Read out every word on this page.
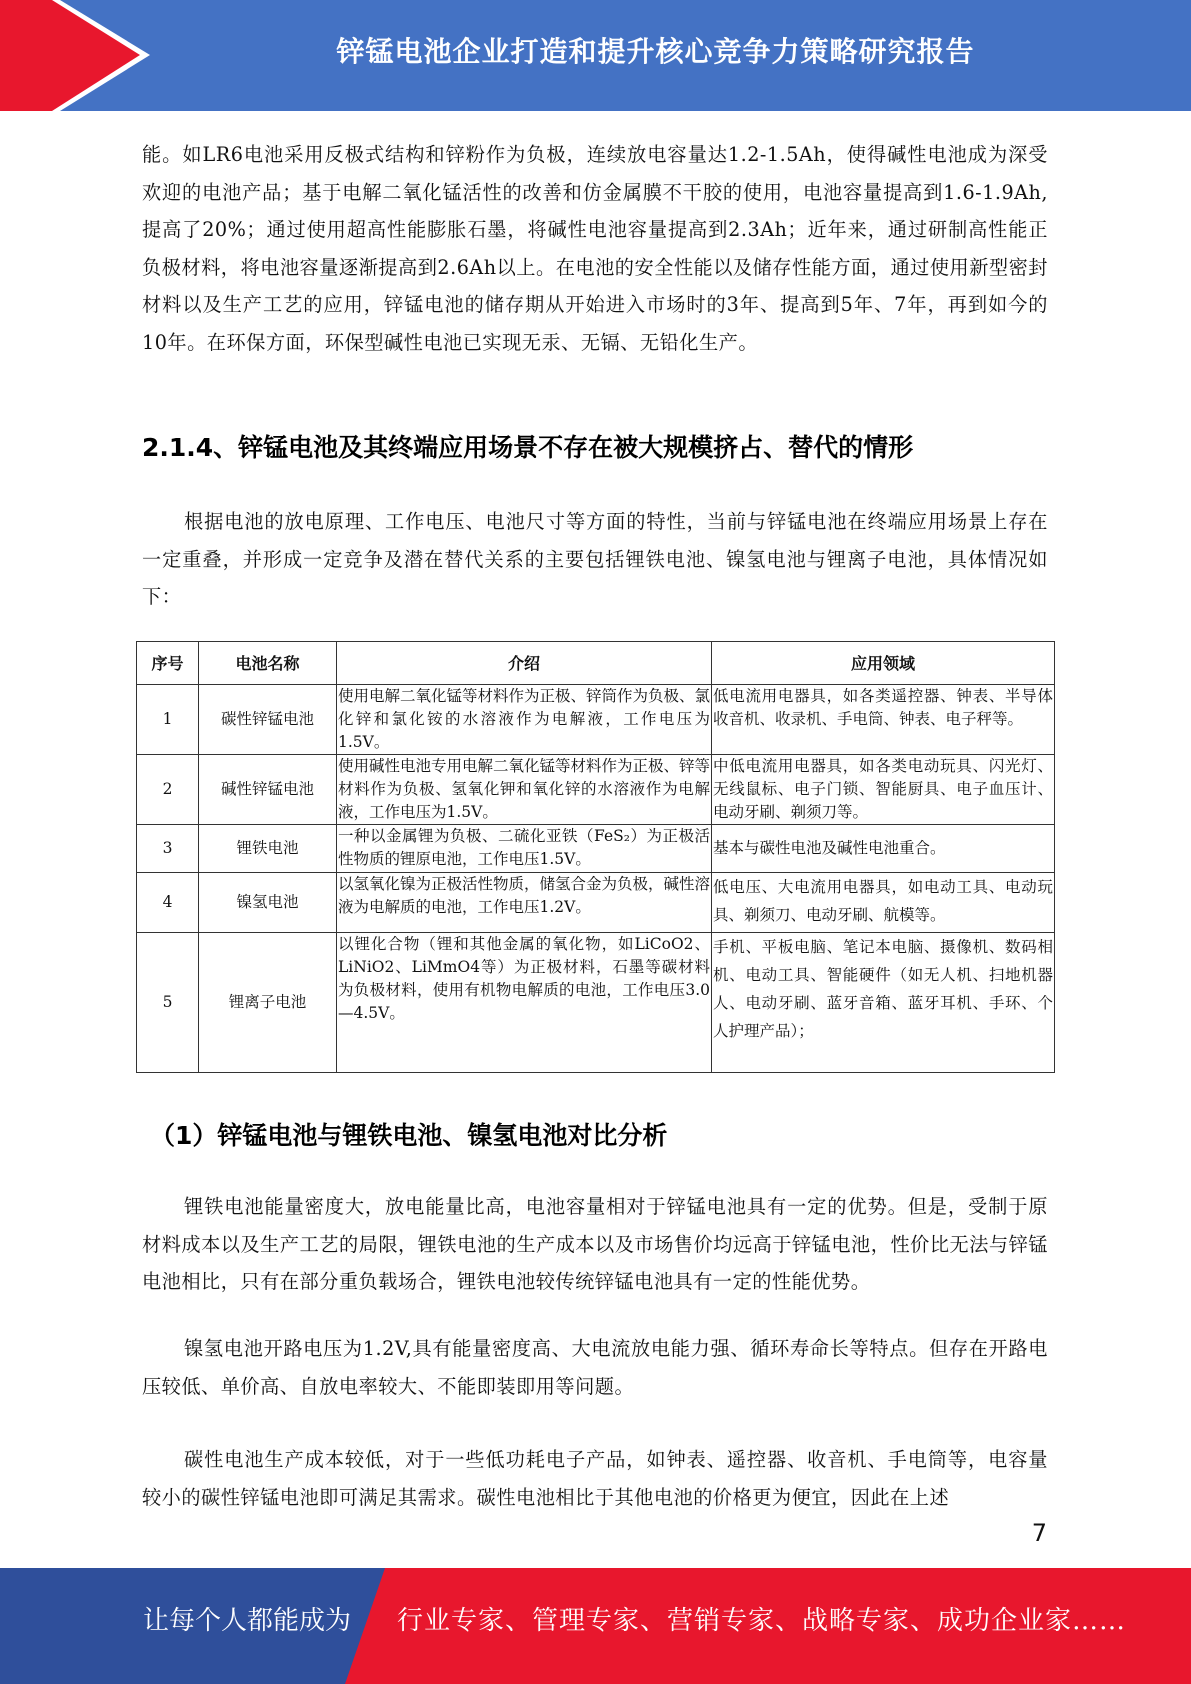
锌锰电池企业打造和提升核心竞争力策略研究报告

能。如LR6电池采用反极式结构和锌粉作为负极，连续放电容量达1.2-1.5Ah，使得碱性电池成为深受欢迎的电池产品；基于电解二氧化锰活性的改善和仿金属膜不干胶的使用，电池容量提高到1.6-1.9Ah,提高了20%；通过使用超高性能膨胀石墨，将碱性电池容量提高到2.3Ah；近年来，通过研制高性能正负极材料，将电池容量逐渐提高到2.6Ah以上。在电池的安全性能以及储存性能方面，通过使用新型密封材料以及生产工艺的应用，锌锰电池的储存期从开始进入市场时的3年、提高到5年、7年，再到如今的10年。在环保方面，环保型碱性电池已实现无汞、无镉、无铅化生产。

2.1.4、锌锰电池及其终端应用场景不存在被大规模挤占、替代的情形

根据电池的放电原理、工作电压、电池尺寸等方面的特性，当前与锌锰电池在终端应用场景上存在一定重叠，并形成一定竞争及潜在替代关系的主要包括锂铁电池、镍氢电池与锂离子电池，具体情况如下：

序号	电池名称	介绍	应用领域
1	碳性锌锰电池	使用电解二氧化锰等材料作为正极、锌筒作为负极、氯化锌和氯化铵的水溶液作为电解液，工作电压为1.5V。	低电流用电器具，如各类遥控器、钟表、半导体收音机、收录机、手电筒、钟表、电子秤等。
2	碱性锌锰电池	使用碱性电池专用电解二氧化锰等材料作为正极、锌等材料作为负极、氢氧化钾和氧化锌的水溶液作为电解液，工作电压为1.5V。	中低电流用电器具，如各类电动玩具、闪光灯、无线鼠标、电子门锁、智能厨具、电子血压计、电动牙刷、剃须刀等。
3	锂铁电池	一种以金属锂为负极、二硫化亚铁（FeS₂）为正极活性物质的锂原电池，工作电压1.5V。	基本与碳性电池及碱性电池重合。
4	镍氢电池	以氢氧化镍为正极活性物质，储氢合金为负极，碱性溶液为电解质的电池，工作电压1.2V。	低电压、大电流用电器具，如电动工具、电动玩具、剃须刀、电动牙刷、航模等。
5	锂离子电池	以锂化合物（锂和其他金属的氧化物，如LiCoO2、LiNiO2、LiMmO4等）为正极材料，石墨等碳材料为负极材料，使用有机物电解质的电池，工作电压3.0—4.5V。	手机、平板电脑、笔记本电脑、摄像机、数码相机、电动工具、智能硬件（如无人机、扫地机器人、电动牙刷、蓝牙音箱、蓝牙耳机、手环、个人护理产品）；
（1）锌锰电池与锂铁电池、镍氢电池对比分析

锂铁电池能量密度大，放电能量比高，电池容量相对于锌锰电池具有一定的优势。但是，受制于原材料成本以及生产工艺的局限，锂铁电池的生产成本以及市场售价均远高于锌锰电池，性价比无法与锌锰电池相比，只有在部分重负载场合，锂铁电池较传统锌锰电池具有一定的性能优势。

镍氢电池开路电压为1.2V,具有能量密度高、大电流放电能力强、循环寿命长等特点。但存在开路电压较低、单价高、自放电率较大、不能即装即用等问题。

碳性电池生产成本较低，对于一些低功耗电子产品，如钟表、遥控器、收音机、手电筒等，电容量较小的碳性锌锰电池即可满足其需求。碳性电池相比于其他电池的价格更为便宜，因此在上述

7
让每个人都能成为 行业专家、管理专家、营销专家、战略专家、成功企业家……
